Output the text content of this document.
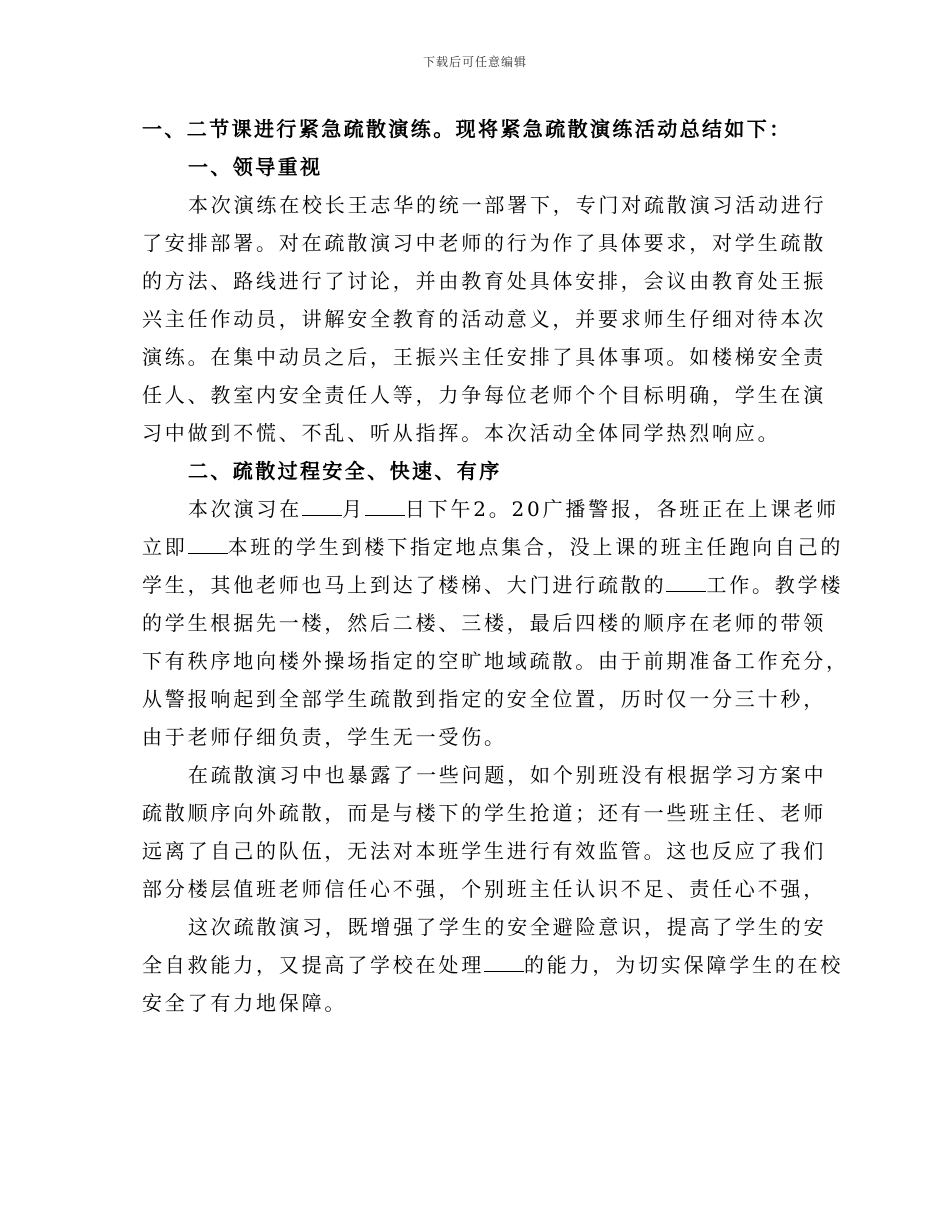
下载后可任意编辑
一、二节课进行紧急疏散演练。现将紧急疏散演练活动总结如下：
一、领导重视
本次演练在校长王志华的统一部署下，专门对疏散演习活动进行
了安排部署。对在疏散演习中老师的行为作了具体要求，对学生疏散
的方法、路线进行了讨论，并由教育处具体安排，会议由教育处王振
兴主任作动员，讲解安全教育的活动意义，并要求师生仔细对待本次
演练。在集中动员之后，王振兴主任安排了具体事项。如楼梯安全责
任人、教室内安全责任人等，力争每位老师个个目标明确，学生在演
习中做到不慌、不乱、听从指挥。本次活动全体同学热烈响应。
二、疏散过程安全、快速、有序
本次演习在 月 日下午2。20广播警报，各班正在上课老师
立即 本班的学生到楼下指定地点集合，没上课的班主任跑向自己的
学生，其他老师也马上到达了楼梯、大门进行疏散的 工作。教学楼
的学生根据先一楼，然后二楼、三楼，最后四楼的顺序在老师的带领
下有秩序地向楼外操场指定的空旷地域疏散。由于前期准备工作充分，
从警报响起到全部学生疏散到指定的安全位置，历时仅一分三十秒，
由于老师仔细负责，学生无一受伤。
在疏散演习中也暴露了一些问题，如个别班没有根据学习方案中
疏散顺序向外疏散，而是与楼下的学生抢道；还有一些班主任、老师
远离了自己的队伍，无法对本班学生进行有效监管。这也反应了我们
部分楼层值班老师信任心不强，个别班主任认识不足、责任心不强，
这次疏散演习，既增强了学生的安全避险意识，提高了学生的安
全自救能力，又提高了学校在处理 的能力，为切实保障学生的在校
安全了有力地保障。
